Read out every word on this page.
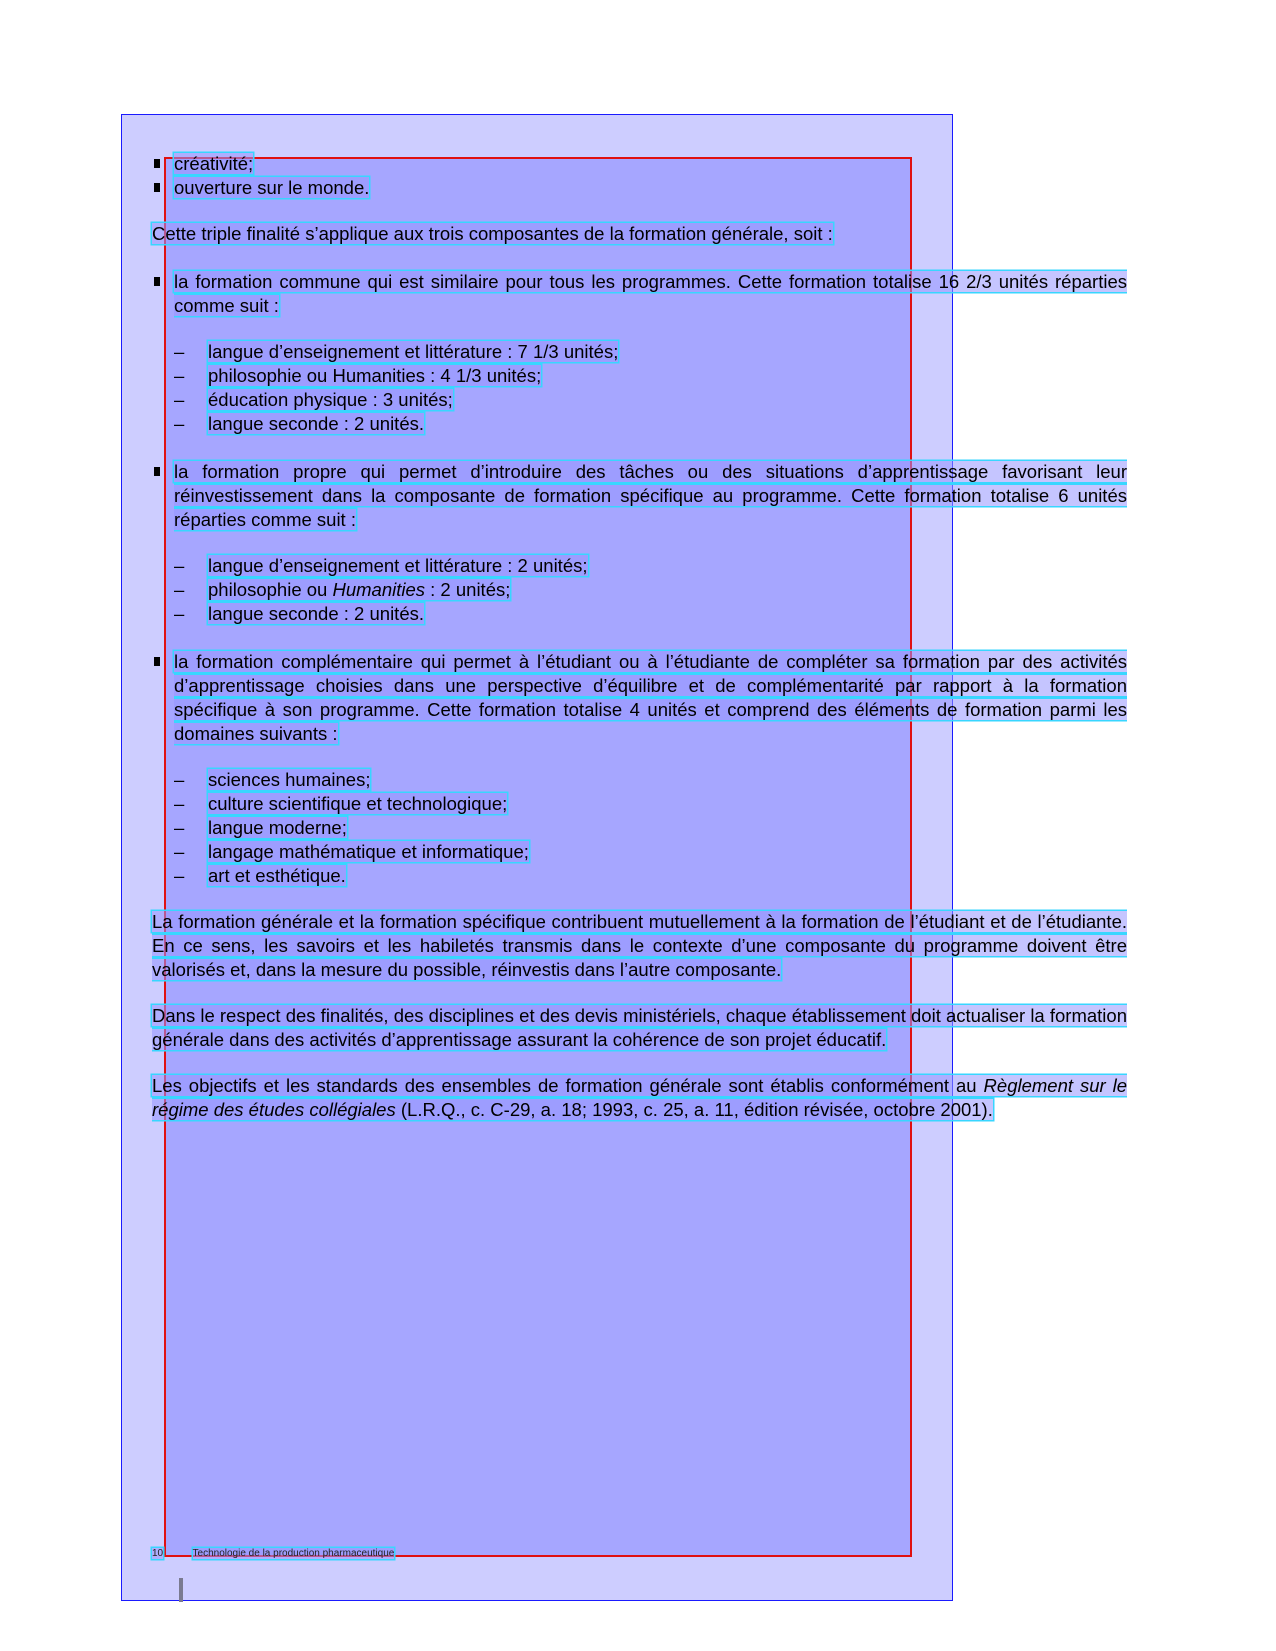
créativité;
ouverture sur le monde.

Cette triple finalité s’applique aux trois composantes de la formation générale, soit :

la formation commune qui est similaire pour tous les programmes. Cette formation totalise 16 2/3 unités réparties comme suit :
– langue d’enseignement et littérature : 7 1/3 unités;
– philosophie ou Humanities : 4 1/3 unités;
– éducation physique : 3 unités;
– langue seconde : 2 unités.
la formation propre qui permet d’introduire des tâches ou des situations d’apprentissage favorisant leur réinvestissement dans la composante de formation spécifique au programme. Cette formation totalise 6 unités réparties comme suit :
– langue d’enseignement et littérature : 2 unités;
– philosophie ou Humanities : 2 unités;
– langue seconde : 2 unités.
la formation complémentaire qui permet à l’étudiant ou à l’étudiante de compléter sa formation par des activités d’apprentissage choisies dans une perspective d’équilibre et de complémentarité par rapport à la formation spécifique à son programme. Cette formation totalise 4 unités et comprend des éléments de formation parmi les domaines suivants :
– sciences humaines;
– culture scientifique et technologique;
– langue moderne;
– langage mathématique et informatique;
– art et esthétique.

La formation générale et la formation spécifique contribuent mutuellement à la formation de l’étudiant et de l’étudiante. En ce sens, les savoirs et les habiletés transmis dans le contexte d’une composante du programme doivent être valorisés et, dans la mesure du possible, réinvestis dans l’autre composante.

Dans le respect des finalités, des disciplines et des devis ministériels, chaque établissement doit actualiser la formation générale dans des activités d’apprentissage assurant la cohérence de son projet éducatif.

Les objectifs et les standards des ensembles de formation générale sont établis conformément au Règlement sur le régime des études collégiales (L.R.Q., c. C-29, a. 18; 1993, c. 25, a. 11, édition révisée, octobre 2001).

10	Technologie de la production pharmaceutique
